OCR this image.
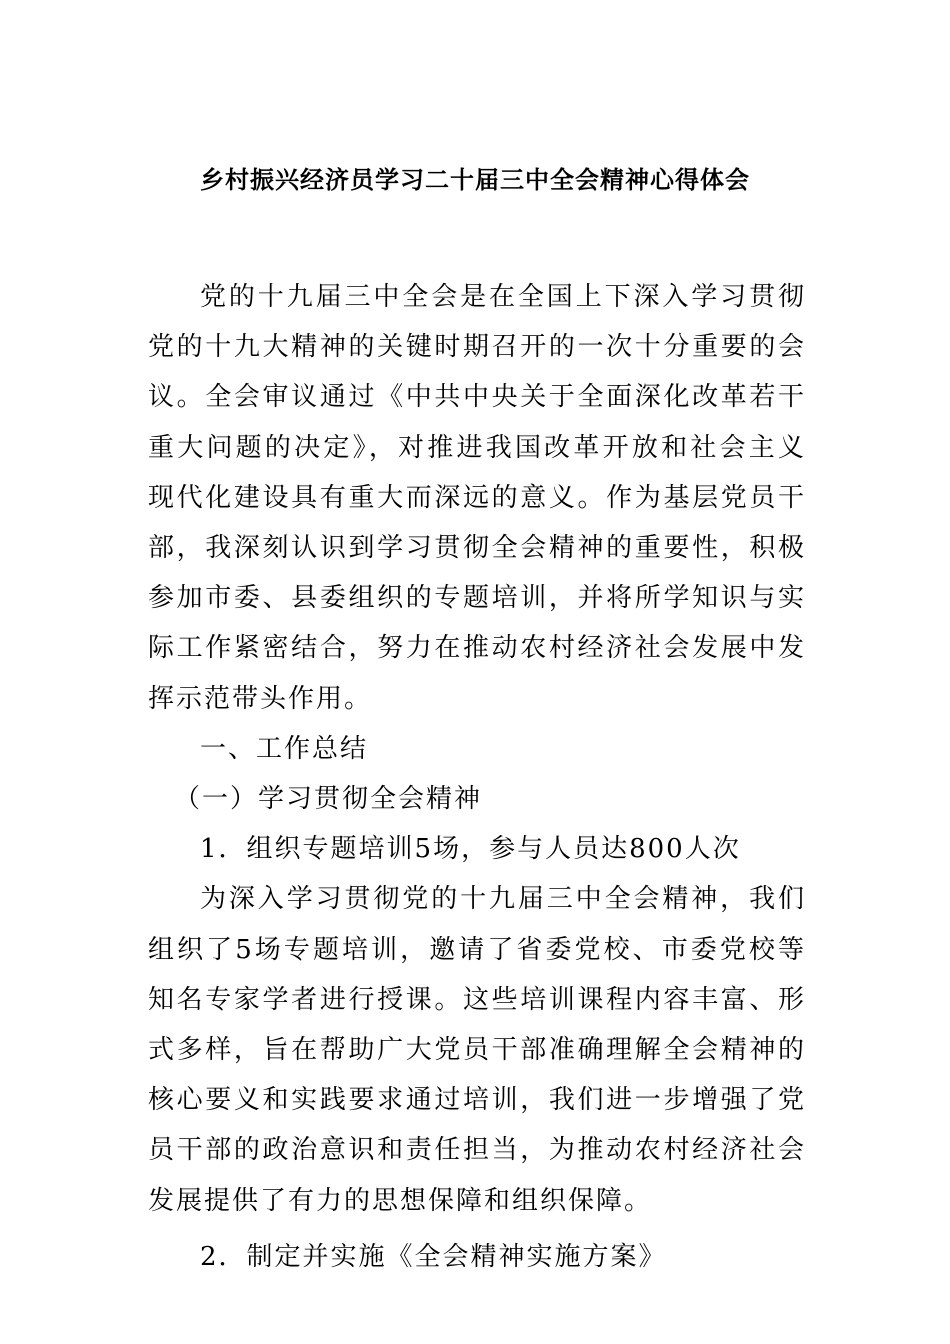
乡村振兴经济员学习二十届三中全会精神心得体会

党的十九届三中全会是在全国上下深入学习贯彻党的十九大精神的关键时期召开的一次十分重要的会议。全会审议通过《中共中央关于全面深化改革若干重大问题的决定》，对推进我国改革开放和社会主义现代化建设具有重大而深远的意义。作为基层党员干部，我深刻认识到学习贯彻全会精神的重要性，积极参加市委、县委组织的专题培训，并将所学知识与实际工作紧密结合，努力在推动农村经济社会发展中发挥示范带头作用。

一、工作总结

（一）学习贯彻全会精神

1．组织专题培训5场，参与人员达800人次

为深入学习贯彻党的十九届三中全会精神，我们组织了5场专题培训，邀请了省委党校、市委党校等知名专家学者进行授课。这些培训课程内容丰富、形式多样，旨在帮助广大党员干部准确理解全会精神的核心要义和实践要求通过培训，我们进一步增强了党员干部的政治意识和责任担当，为推动农村经济社会发展提供了有力的思想保障和组织保障。

2．制定并实施《全会精神实施方案》
